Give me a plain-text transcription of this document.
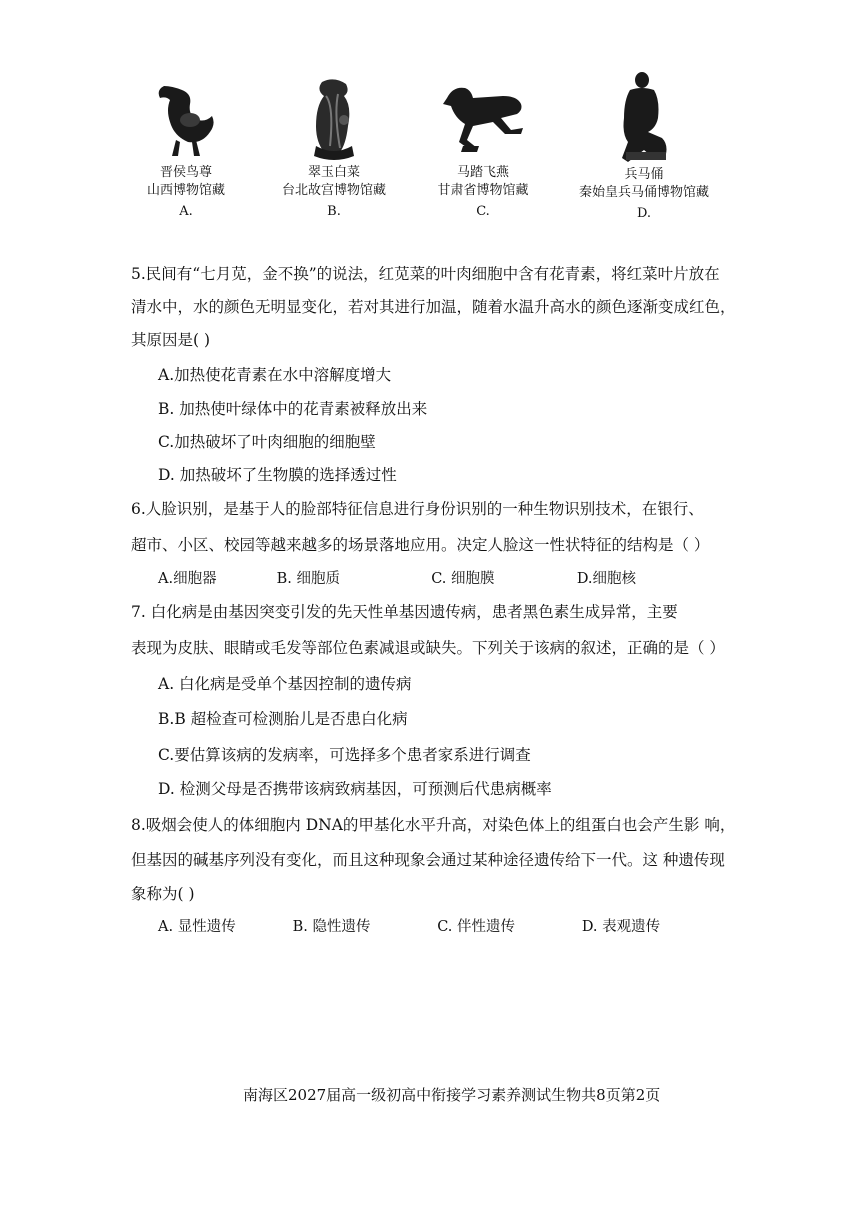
晋侯鸟尊
山西博物馆藏
A.
翠玉白菜
台北故宫博物馆藏
B.
马踏飞燕
甘肃省博物馆藏
C.
兵马俑
秦始皇兵马俑博物馆藏
D.
5.民间有“七月苋，金不换”的说法，红苋菜的叶肉细胞中含有花青素，将红菜叶片放在
清水中，水的颜色无明显变化，若对其进行加温，随着水温升高水的颜色逐渐变成红色，
其原因是( )
A.加热使花青素在水中溶解度增大
B. 加热使叶绿体中的花青素被释放出来
C.加热破坏了叶肉细胞的细胞壁
D. 加热破坏了生物膜的选择透过性
6.人脸识别，是基于人的脸部特征信息进行身份识别的一种生物识别技术，在银行、
超市、小区、校园等越来越多的场景落地应用。决定人脸这一性状特征的结构是（ ）
A.细胞器	B. 细胞质	C. 细胞膜	D.细胞核
7. 白化病是由基因突变引发的先天性单基因遗传病，患者黑色素生成异常，主要
表现为皮肤、眼睛或毛发等部位色素减退或缺失。下列关于该病的叙述，正确的是（ ）
A. 白化病是受单个基因控制的遗传病
B.B 超检查可检测胎儿是否患白化病
C.要估算该病的发病率，可选择多个患者家系进行调查
D. 检测父母是否携带该病致病基因，可预测后代患病概率
8.吸烟会使人的体细胞内 DNA的甲基化水平升高，对染色体上的组蛋白也会产生影 响，
但基因的碱基序列没有变化，而且这种现象会通过某种途径遗传给下一代。这 种遗传现
象称为( )
A. 显性遗传	B. 隐性遗传	C. 伴性遗传	D. 表观遗传
南海区2027届高一级初高中衔接学习素养测试生物共8页第2页
